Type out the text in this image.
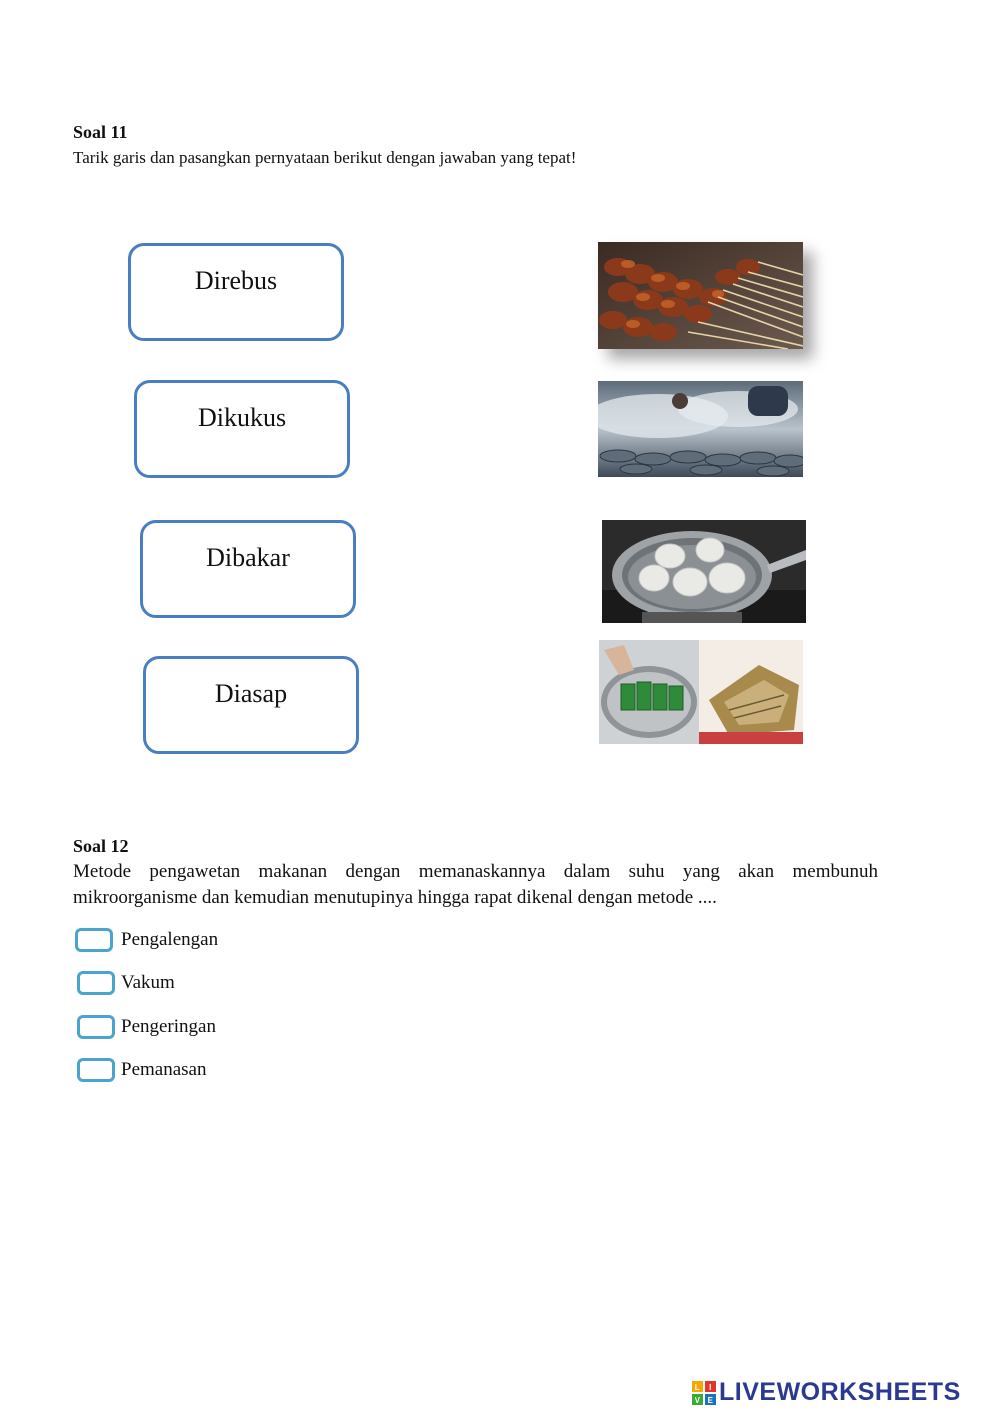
Soal 11
Tarik garis dan pasangkan pernyataan berikut dengan jawaban yang tepat!
Direbus
Dikukus
Dibakar
Diasap
Soal 12
Metode pengawetan makanan dengan memanaskannya dalam suhu yang akan membunuh
mikroorganisme dan kemudian menutupinya hingga rapat dikenal dengan metode ....
Pengalengan
Vakum
Pengeringan
Pemanasan
L I
V E LIVEWORKSHEETS
